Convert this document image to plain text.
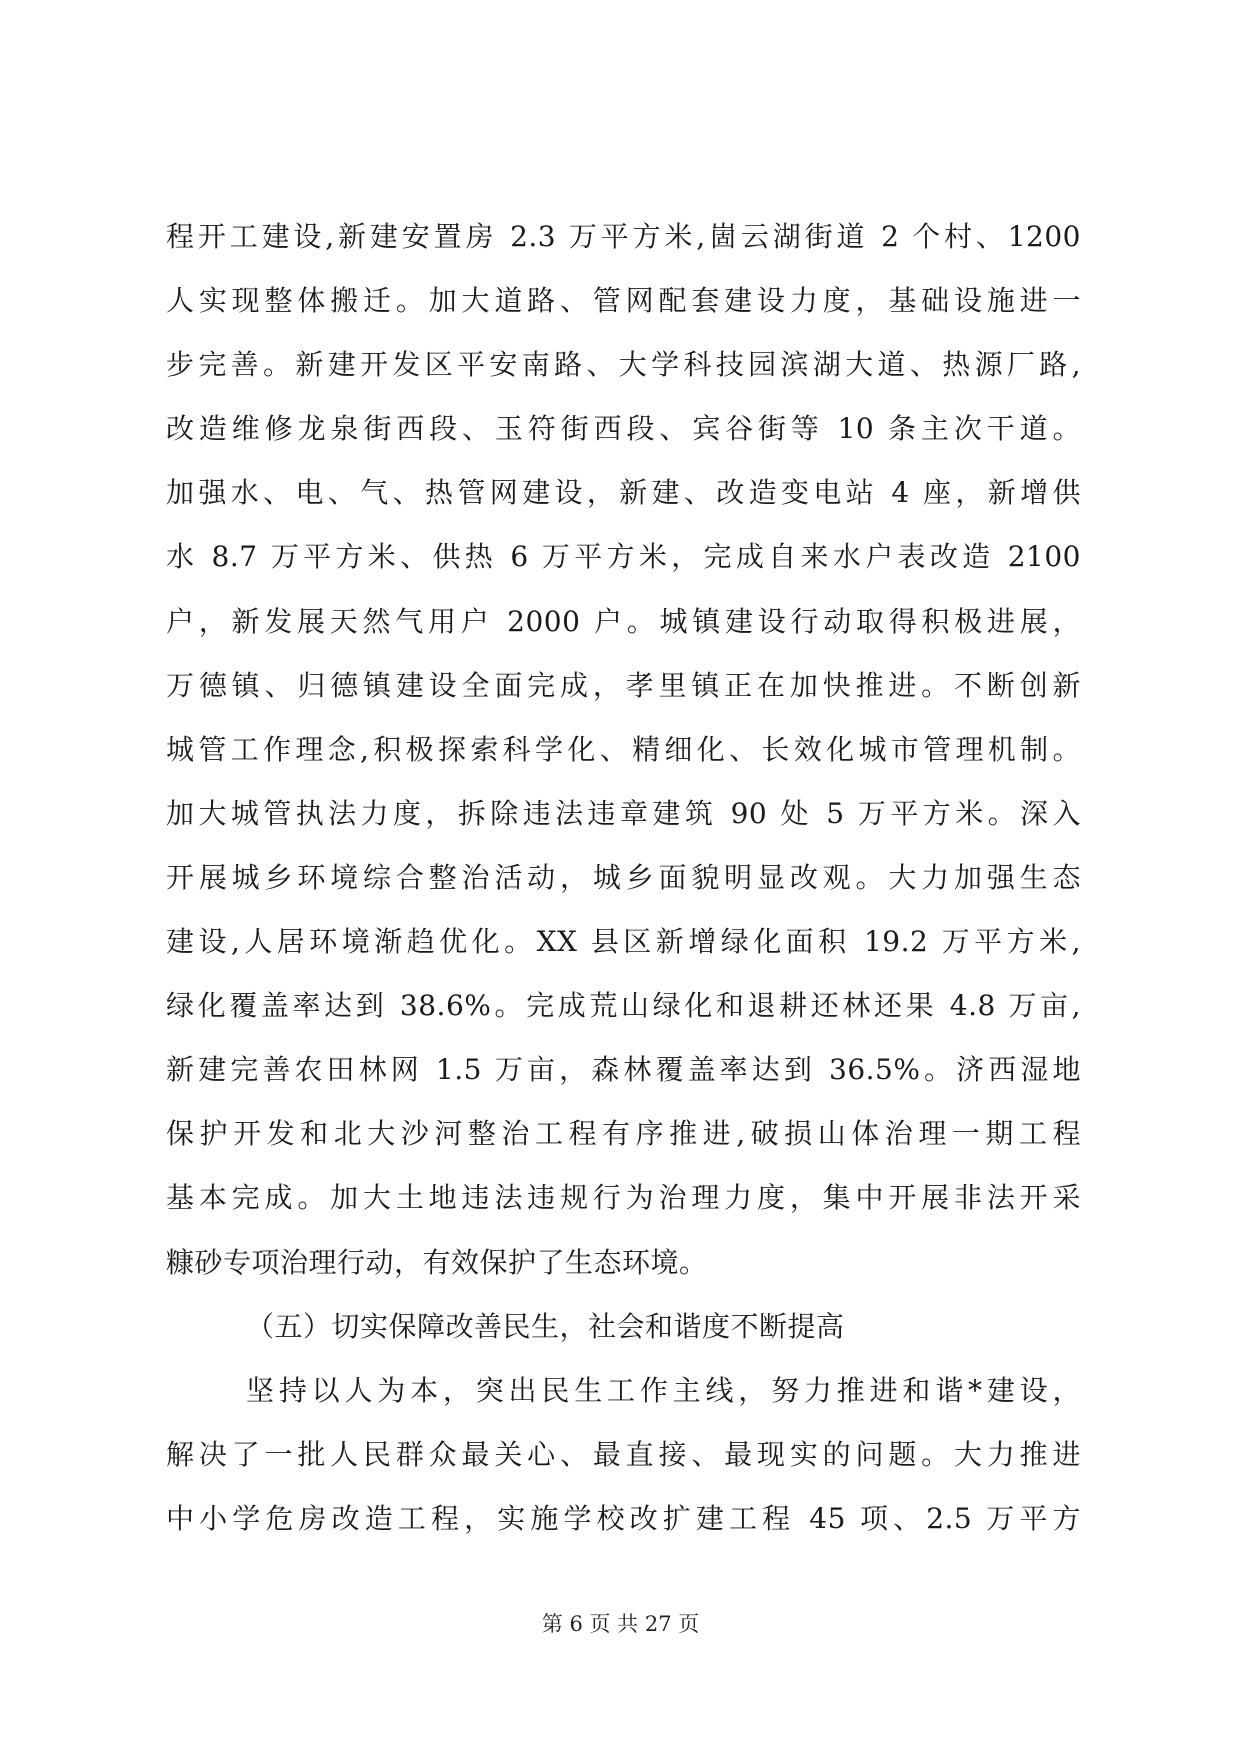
程开工建设,新建安置房 2.3 万平方米,崮云湖街道 2 个村、1200
人实现整体搬迁。加大道路、管网配套建设力度，基础设施进一
步完善。新建开发区平安南路、大学科技园滨湖大道、热源厂路,
改造维修龙泉街西段、玉符街西段、宾谷街等 10 条主次干道。
加强水、电、气、热管网建设，新建、改造变电站 4 座，新增供
水 8.7 万平方米、供热 6 万平方米，完成自来水户表改造 2100
户，新发展天然气用户 2000 户。城镇建设行动取得积极进展，
万德镇、归德镇建设全面完成，孝里镇正在加快推进。不断创新
城管工作理念,积极探索科学化、精细化、长效化城市管理机制。
加大城管执法力度，拆除违法违章建筑 90 处 5 万平方米。深入
开展城乡环境综合整治活动，城乡面貌明显改观。大力加强生态
建设,人居环境渐趋优化。XX 县区新增绿化面积 19.2 万平方米,
绿化覆盖率达到 38.6%。完成荒山绿化和退耕还林还果 4.8 万亩,
新建完善农田林网 1.5 万亩，森林覆盖率达到 36.5%。济西湿地
保护开发和北大沙河整治工程有序推进,破损山体治理一期工程
基本完成。加大土地违法违规行为治理力度，集中开展非法开采
糠砂专项治理行动，有效保护了生态环境。
（五）切实保障改善民生，社会和谐度不断提高
坚持以人为本，突出民生工作主线，努力推进和谐*建设，
解决了一批人民群众最关心、最直接、最现实的问题。大力推进
中小学危房改造工程，实施学校改扩建工程 45 项、2.5 万平方
第 6 页 共 27 页
